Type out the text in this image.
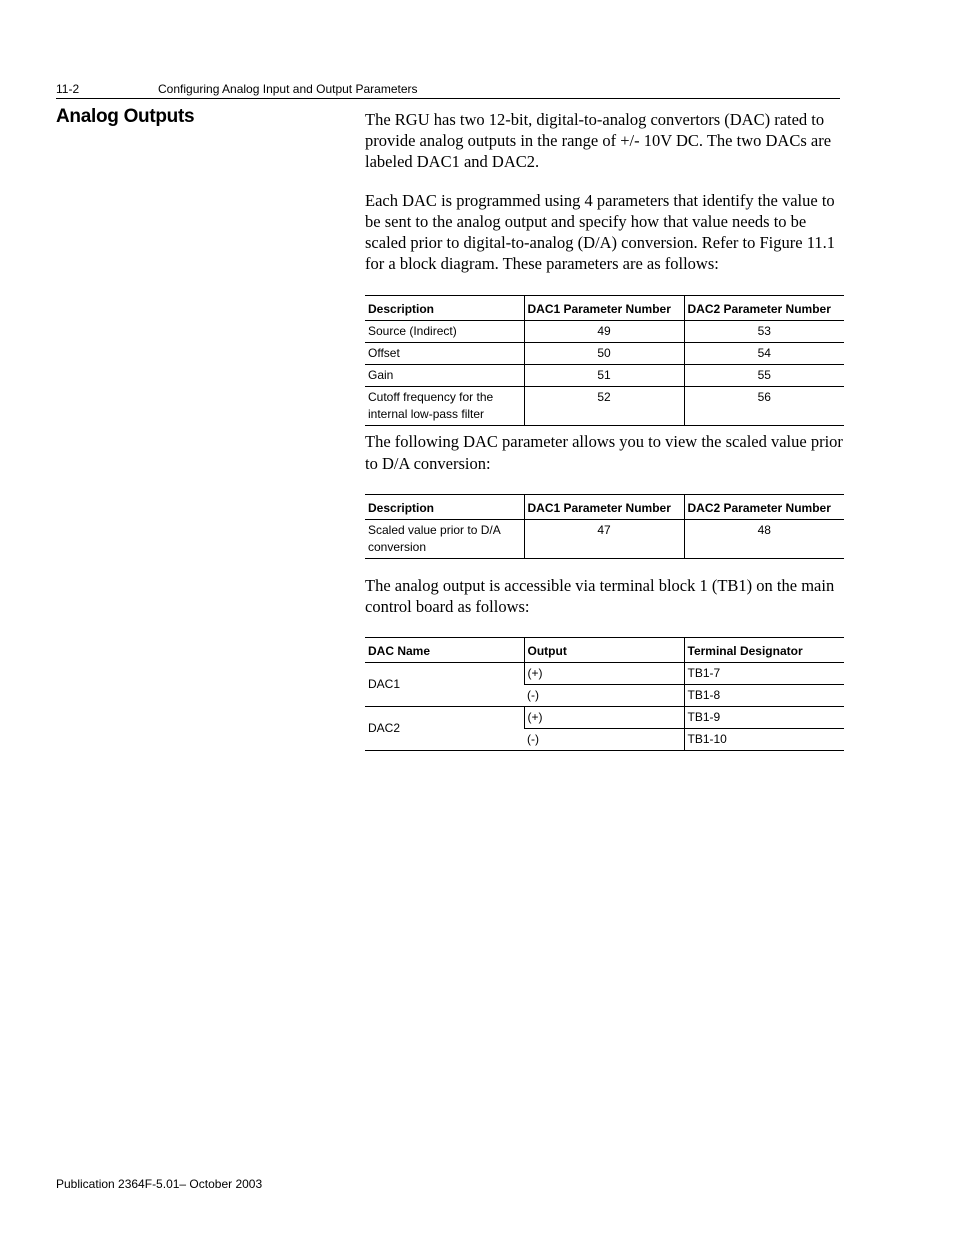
11-2	Configuring Analog Input and Output Parameters
Analog Outputs	The RGU has two 12-bit, digital-to-analog convertors (DAC) rated to provide analog outputs in the range of +/- 10V DC. The two DACs are labeled DAC1 and DAC2.

Each DAC is programmed using 4 parameters that identify the value to be sent to the analog output and specify how that value needs to be scaled prior to digital-to-analog (D/A) conversion. Refer to Figure 11.1 for a block diagram. These parameters are as follows:

Description	DAC1 Parameter Number	DAC2 Parameter Number
Source (Indirect)	49	53
Offset	50	54
Gain	51	55
Cutoff frequency for the internal low-pass filter	52	56

The following DAC parameter allows you to view the scaled value prior to D/A conversion:

Description	DAC1 Parameter Number	DAC2 Parameter Number
Scaled value prior to D/A conversion	47	48

The analog output is accessible via terminal block 1 (TB1) on the main control board as follows:

DAC Name	Output	Terminal Designator
DAC1	(+)	TB1-7
	(-)	TB1-8
DAC2	(+)	TB1-9
	(-)	TB1-10
Publication 2364F-5.01– October 2003
